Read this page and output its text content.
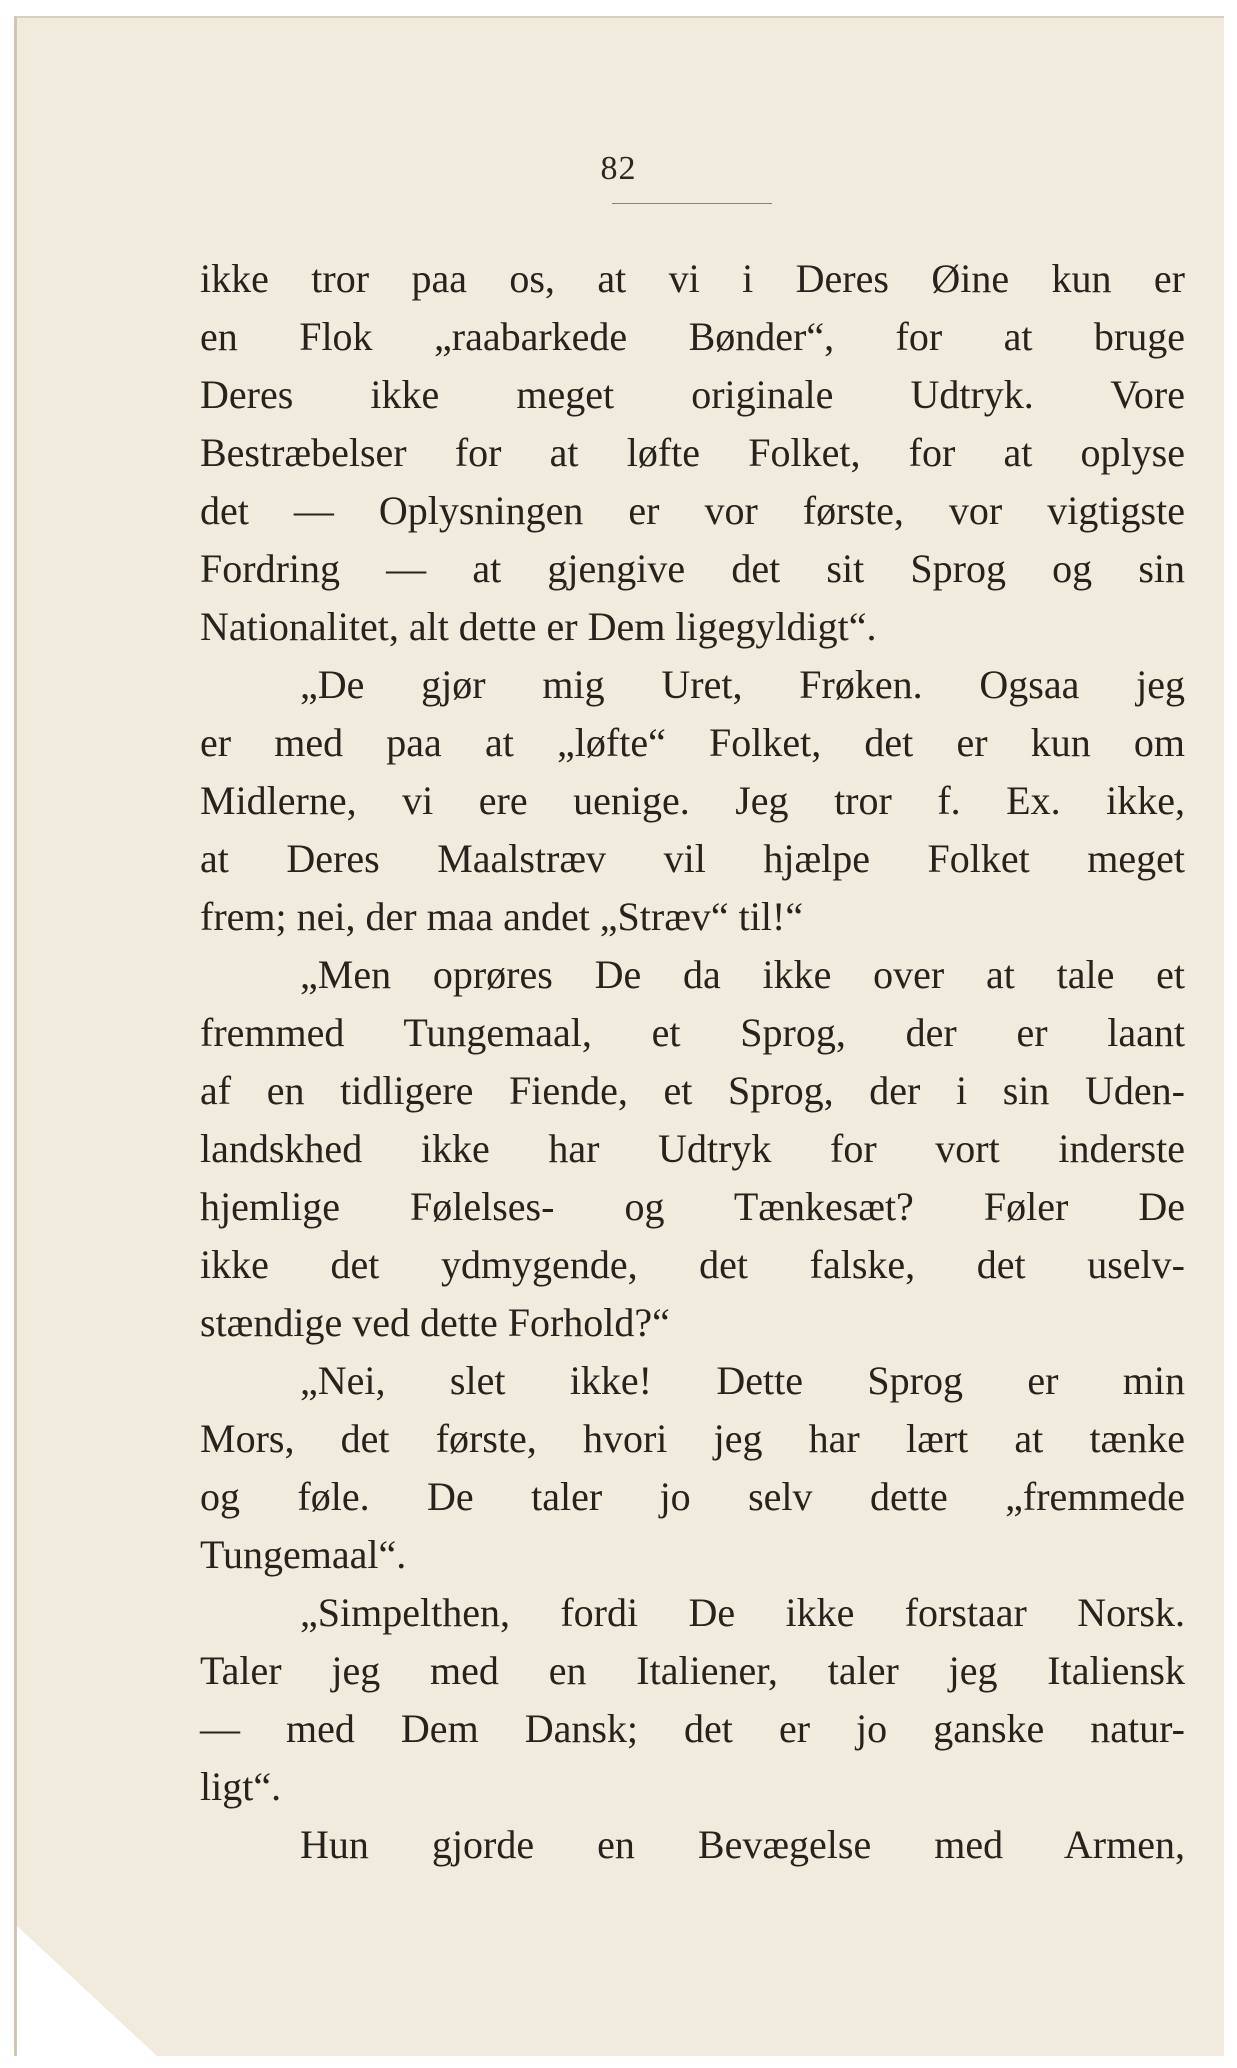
82
ikke tror paa os, at vi i Deres Øine kun er
en Flok „raabarkede Bønder“, for at bruge
Deres ikke meget originale Udtryk. Vore
Bestræbelser for at løfte Folket, for at oplyse
det — Oplysningen er vor første, vor vigtigste
Fordring — at gjengive det sit Sprog og sin
Nationalitet, alt dette er Dem ligegyldigt“.
„De gjør mig Uret, Frøken. Ogsaa jeg
er med paa at „løfte“ Folket, det er kun om
Midlerne, vi ere uenige. Jeg tror f. Ex. ikke,
at Deres Maalstræv vil hjælpe Folket meget
frem; nei, der maa andet „Stræv“ til!“
„Men oprøres De da ikke over at tale et
fremmed Tungemaal, et Sprog, der er laant
af en tidligere Fiende, et Sprog, der i sin Uden-
landskhed ikke har Udtryk for vort inderste
hjemlige Følelses- og Tænkesæt? Føler De
ikke det ydmygende, det falske, det uselv-
stændige ved dette Forhold?“
„Nei, slet ikke! Dette Sprog er min
Mors, det første, hvori jeg har lært at tænke
og føle. De taler jo selv dette „fremmede
Tungemaal“.
„Simpelthen, fordi De ikke forstaar Norsk.
Taler jeg med en Italiener, taler jeg Italiensk
— med Dem Dansk; det er jo ganske natur-
ligt“.
Hun gjorde en Bevægelse med Armen,
